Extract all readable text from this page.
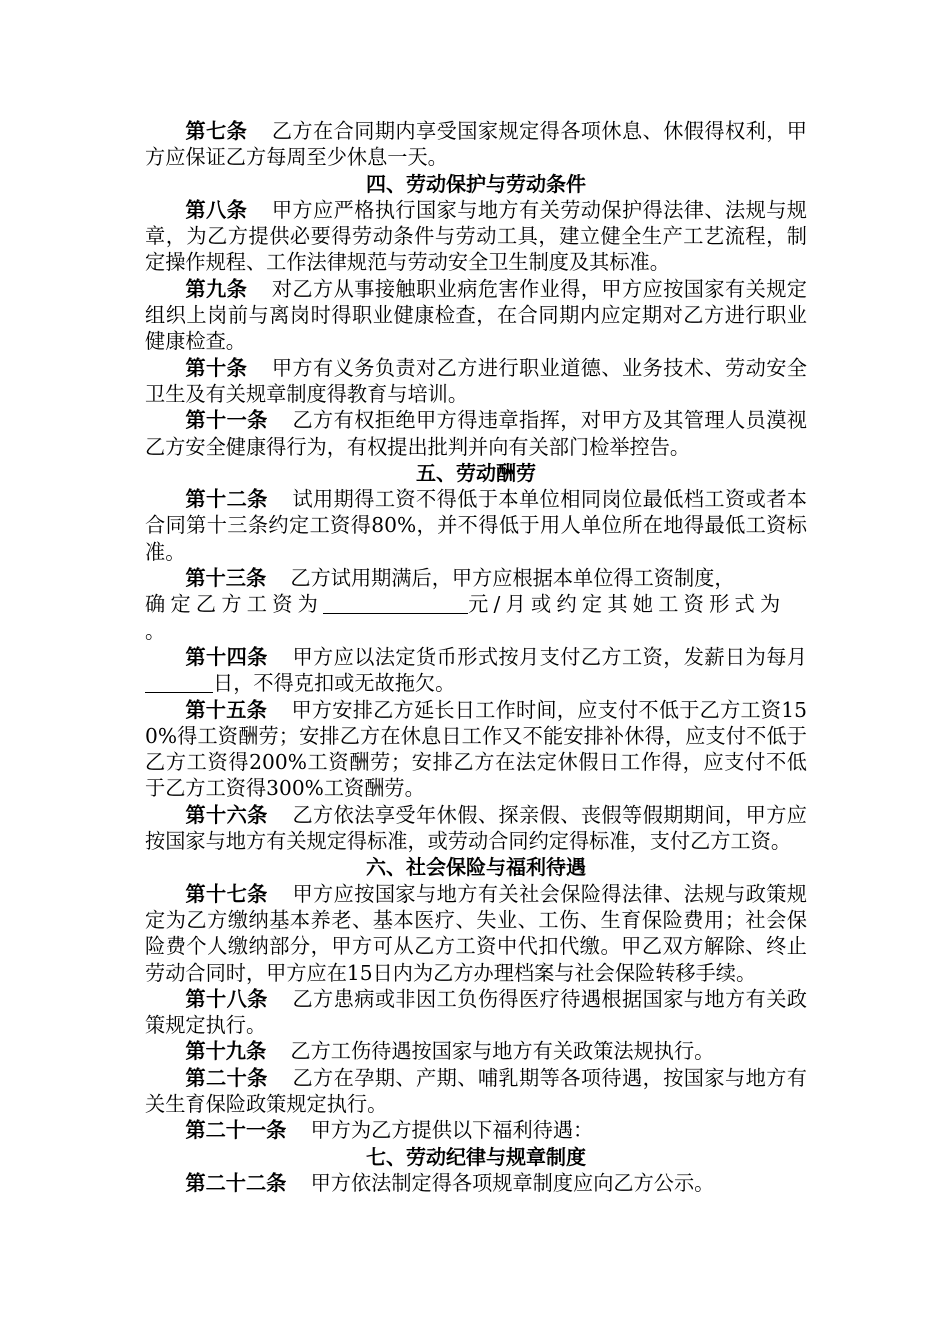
第七条 乙方在合同期内享受国家规定得各项休息、休假得权利，甲方应保证乙方每周至少休息一天。

四、劳动保护与劳动条件

第八条 甲方应严格执行国家与地方有关劳动保护得法律、法规与规章，为乙方提供必要得劳动条件与劳动工具，建立健全生产工艺流程，制定操作规程、工作法律规范与劳动安全卫生制度及其标准。

第九条 对乙方从事接触职业病危害作业得，甲方应按国家有关规定组织上岗前与离岗时得职业健康检查，在合同期内应定期对乙方进行职业健康检查。

第十条 甲方有义务负责对乙方进行职业道德、业务技术、劳动安全卫生及有关规章制度得教育与培训。

第十一条 乙方有权拒绝甲方得违章指挥，对甲方及其管理人员漠视乙方安全健康得行为，有权提出批判并向有关部门检举控告。

五、劳动酬劳

第十二条 试用期得工资不得低于本单位相同岗位最低档工资或者本合同第十三条约定工资得80%，并不得低于用人单位所在地得最低工资标准。

第十三条 乙方试用期满后，甲方应根据本单位得工资制度，
确定乙方工资为	元/月或约定其她工资形式为
。

第十四条 甲方应以法定货币形式按月支付乙方工资，发薪日为每月日，不得克扣或无故拖欠。

第十五条 甲方安排乙方延长日工作时间，应支付不低于乙方工资150%得工资酬劳；安排乙方在休息日工作又不能安排补休得，应支付不低于乙方工资得200%工资酬劳；安排乙方在法定休假日工作得，应支付不低于乙方工资得300%工资酬劳。

第十六条 乙方依法享受年休假、探亲假、丧假等假期期间，甲方应按国家与地方有关规定得标准，或劳动合同约定得标准，支付乙方工资。

六、社会保险与福利待遇

第十七条 甲方应按国家与地方有关社会保险得法律、法规与政策规定为乙方缴纳基本养老、基本医疗、失业、工伤、生育保险费用；社会保险费个人缴纳部分，甲方可从乙方工资中代扣代缴。甲乙双方解除、终止劳动合同时，甲方应在15日内为乙方办理档案与社会保险转移手续。

第十八条 乙方患病或非因工负伤得医疗待遇根据国家与地方有关政策规定执行。

第十九条 乙方工伤待遇按国家与地方有关政策法规执行。

第二十条 乙方在孕期、产期、哺乳期等各项待遇，按国家与地方有关生育保险政策规定执行。

第二十一条 甲方为乙方提供以下福利待遇：

七、劳动纪律与规章制度

第二十二条 甲方依法制定得各项规章制度应向乙方公示。
